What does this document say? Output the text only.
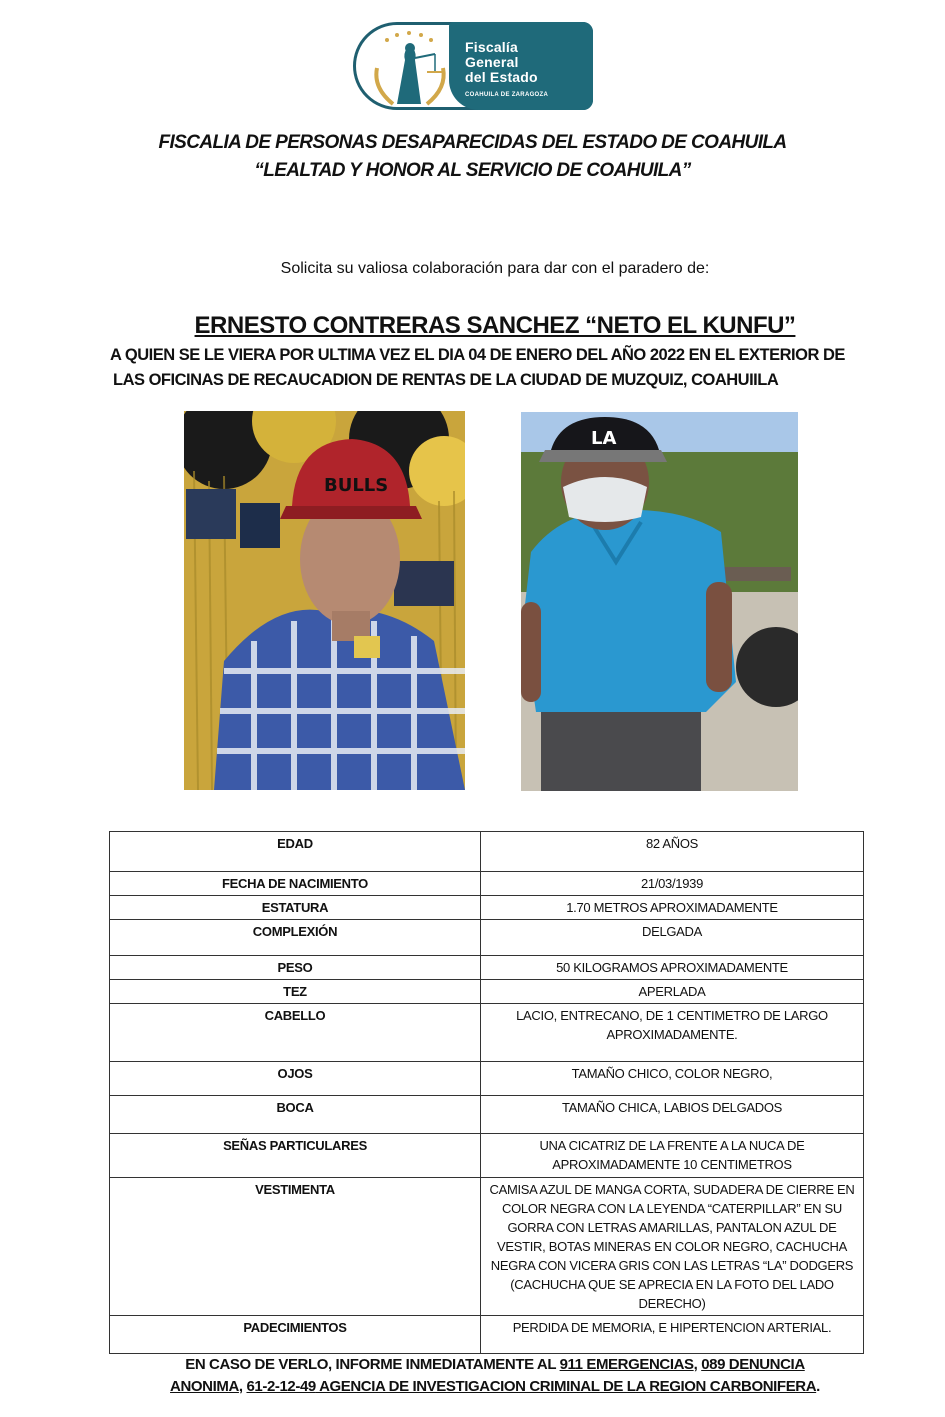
Fiscalía
General
del Estado
COAHUILA DE ZARAGOZA
FISCALIA DE PERSONAS DESAPARECIDAS DEL ESTADO DE COAHUILA
“LEALTAD Y HONOR AL SERVICIO DE COAHUILA”
Solicita su valiosa colaboración para dar con el paradero de:
ERNESTO CONTRERAS SANCHEZ “NETO EL KUNFU”
A QUIEN SE LE VIERA POR ULTIMA VEZ EL DIA 04 DE ENERO DEL AÑO 2022 EN EL EXTERIOR DE
LAS OFICINAS DE RECAUCADION DE RENTAS DE LA CIUDAD DE MUZQUIZ, COAHUIILA
BULLS
LA
EDAD	82 AÑOS
FECHA DE NACIMIENTO	21/03/1939
ESTATURA	1.70 METROS APROXIMADAMENTE
COMPLEXIÓN	DELGADA
PESO	50 KILOGRAMOS APROXIMADAMENTE
TEZ	APERLADA
CABELLO	LACIO, ENTRECANO, DE 1 CENTIMETRO DE LARGO APROXIMADAMENTE.
OJOS	TAMAÑO CHICO, COLOR NEGRO,
BOCA	TAMAÑO CHICA, LABIOS DELGADOS
SEÑAS PARTICULARES	UNA CICATRIZ DE LA FRENTE A LA NUCA DE APROXIMADAMENTE 10 CENTIMETROS
VESTIMENTA	CAMISA AZUL DE MANGA CORTA, SUDADERA DE CIERRE EN COLOR NEGRA CON LA LEYENDA “CATERPILLAR” EN SU GORRA CON LETRAS AMARILLAS, PANTALON AZUL DE VESTIR, BOTAS MINERAS EN COLOR NEGRO, CACHUCHA NEGRA CON VICERA GRIS CON LAS LETRAS “LA” DODGERS (CACHUCHA QUE SE APRECIA EN LA FOTO DEL LADO DERECHO)
PADECIMIENTOS	PERDIDA DE MEMORIA, E HIPERTENCION ARTERIAL.
EN CASO DE VERLO, INFORME INMEDIATAMENTE AL 911 EMERGENCIAS, 089 DENUNCIA
ANONIMA, 61-2-12-49 AGENCIA DE INVESTIGACION CRIMINAL DE LA REGION CARBONIFERA.
